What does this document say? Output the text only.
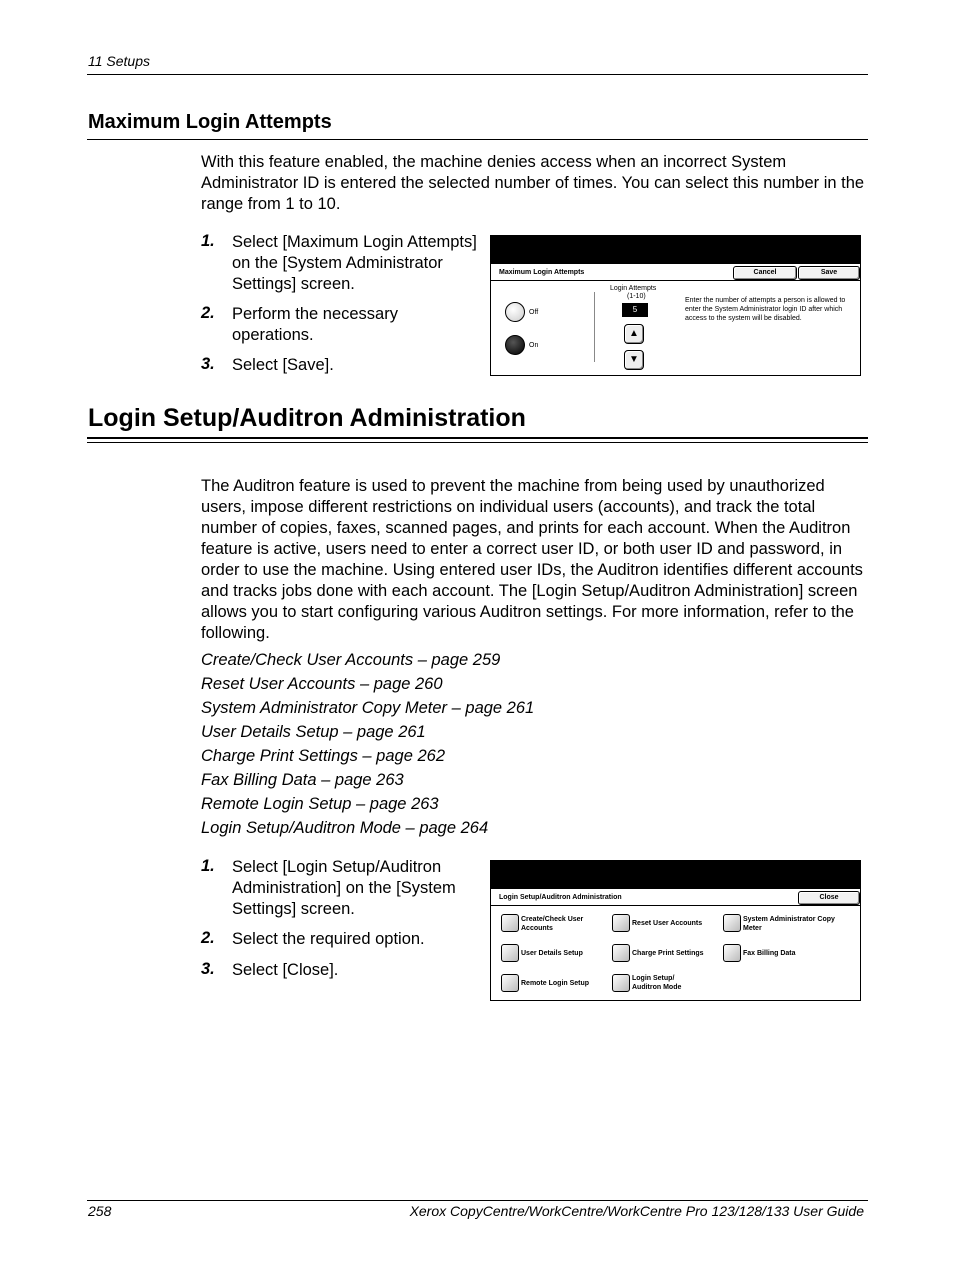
11 Setups
Maximum Login Attempts
With this feature enabled, the machine denies access when an incorrect System Administrator ID is entered the selected number of times. You can select this number in the range from 1 to 10.
1. Select [Maximum Login Attempts] on the [System Administrator Settings] screen.
2. Perform the necessary operations.
3. Select [Save].
Maximum Login Attempts	Cancel	Save
Off
On
Login Attempts
(1-10)
5
▲
▼
Enter the number of attempts a person is allowed to enter the System Administrator login ID after which access to the system will be disabled.
Login Setup/Auditron Administration
The Auditron feature is used to prevent the machine from being used by unauthorized users, impose different restrictions on individual users (accounts), and track the total number of copies, faxes, scanned pages, and prints for each account. When the Auditron feature is active, users need to enter a correct user ID, or both user ID and password, in order to use the machine. Using entered user IDs, the Auditron identifies different accounts and tracks jobs done with each account. The [Login Setup/Auditron Administration] screen allows you to start configuring various Auditron settings. For more information, refer to the following.
Create/Check User Accounts – page 259
Reset User Accounts – page 260
System Administrator Copy Meter – page 261
User Details Setup – page 261
Charge Print Settings – page 262
Fax Billing Data – page 263
Remote Login Setup – page 263
Login Setup/Auditron Mode – page 264
1. Select [Login Setup/Auditron Administration] on the [System Settings] screen.
2. Select the required option.
3. Select [Close].
Login Setup/Auditron Administration	Close
Create/Check User Accounts
Reset User Accounts
System Administrator Copy Meter
User Details Setup	Charge Print Settings	Fax Billing Data
Remote Login Setup
Login Setup/ Auditron Mode
258	Xerox CopyCentre/WorkCentre/WorkCentre Pro 123/128/133 User Guide
